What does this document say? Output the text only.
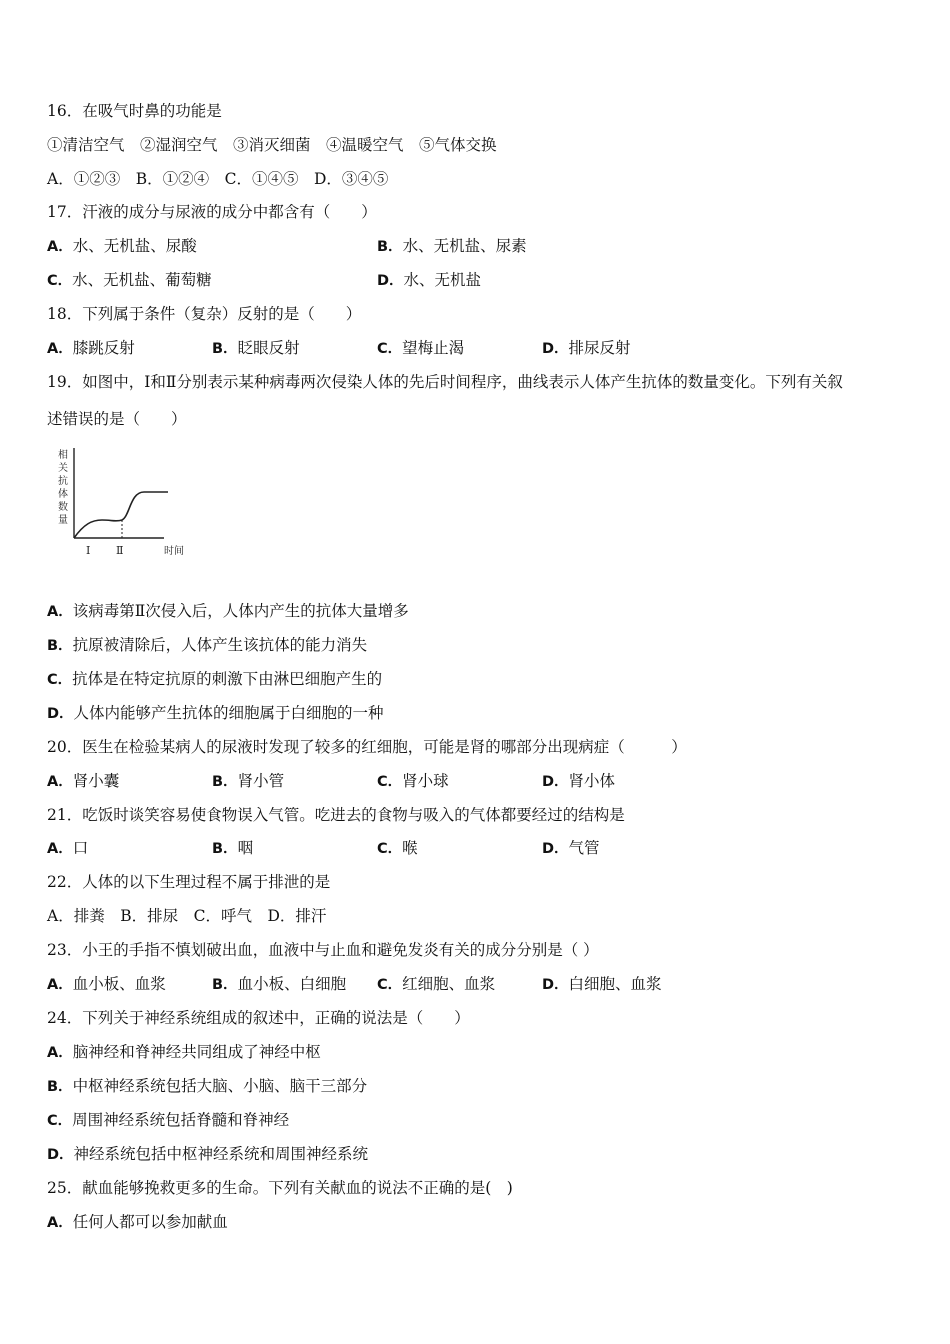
16．在吸气时鼻的功能是
①清洁空气　②湿润空气　③消灭细菌　④温暖空气　⑤气体交换
A．①②③　B．①②④　C．①④⑤　D．③④⑤
17．汗液的成分与尿液的成分中都含有（　　）
A．水、无机盐、尿酸	B．水、无机盐、尿素
C．水、无机盐、葡萄糖	D．水、无机盐
18．下列属于条件（复杂）反射的是（　　）
A．膝跳反射	B．眨眼反射	C．望梅止渴	D．排尿反射
19．如图中，Ⅰ和Ⅱ分别表示某种病毒两次侵染人体的先后时间程序，曲线表示人体产生抗体的数量变化。下列有关叙
述错误的是（　　）
相
关
抗
体
数
量
Ⅰ Ⅱ	时间
A．该病毒第Ⅱ次侵入后，人体内产生的抗体大量增多
B．抗原被清除后，人体产生该抗体的能力消失
C．抗体是在特定抗原的刺激下由淋巴细胞产生的
D．人体内能够产生抗体的细胞属于白细胞的一种
20．医生在检验某病人的尿液时发现了较多的红细胞，可能是肾的哪部分出现病症（　　　）
A．肾小囊	B．肾小管	C．肾小球	D．肾小体
21．吃饭时谈笑容易使食物误入气管。吃进去的食物与吸入的气体都要经过的结构是
A．口	B．咽	C．喉	D．气管
22．人体的以下生理过程不属于排泄的是
A．排粪　B．排尿　C．呼气　D．排汗
23．小王的手指不慎划破出血，血液中与止血和避免发炎有关的成分分别是（ ）
A．血小板、血浆	B．血小板、白细胞 C．红细胞、血浆	D．白细胞、血浆
24．下列关于神经系统组成的叙述中，正确的说法是（　　）
A．脑神经和脊神经共同组成了神经中枢
B．中枢神经系统包括大脑、小脑、脑干三部分
C．周围神经系统包括脊髓和脊神经
D．神经系统包括中枢神经系统和周围神经系统
25．献血能够挽救更多的生命。下列有关献血的说法不正确的是(　)
A．任何人都可以参加献血
